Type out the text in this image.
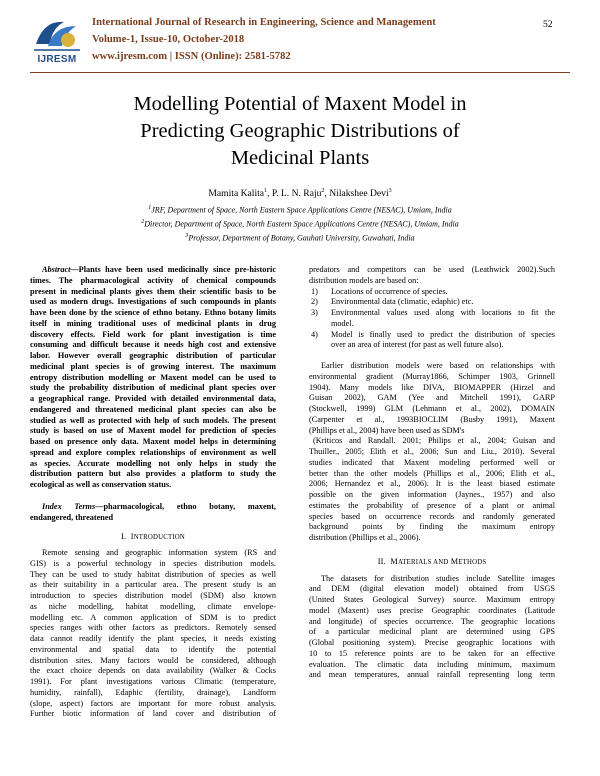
IJRESM
International Journal of Research in Engineering, Science and Management
Volume-1, Issue-10, October-2018
www.ijresm.com | ISSN (Online): 2581-5782
52
Modelling Potential of Maxent Model in
Predicting Geographic Distributions of
Medicinal Plants
Mamita Kalita$^1$, P. L. N. Raju$^2$, Nilakshee Devi$^3$
$^1$JRF, Department of Space, North Eastern Space Applications Centre (NESAC), Umiam, India
$^2$Director, Department of Space, North Eastern Space Applications Centre (NESAC), Umiam, India
$^3$Professor, Department of Botany, Gauhati University, Guwahati, India

Abstract—Plants have been used medicinally since pre-historic

times. The pharmacological activity of chemical compounds

present in medicinal plants gives them their scientific basis to be

used as modern drugs. Investigations of such compounds in plants

have been done by the science of ethno botany. Ethno botany limits

itself in mining traditional uses of medicinal plants in drug

discovery effects. Field work for plant investigation is time

consuming and difficult because it needs high cost and extensive

labor. However overall geographic distribution of particular

medicinal plant species is of growing interest. The maximum

entropy distribution modelling or Maxent model can be used to

study the probability distribution of medicinal plant species over

a geographical range. Provided with detailed environmental data,

endangered and threatened medicinal plant species can also be

studied as well as protected with help of such models. The present

study is based on use of Maxent model for prediction of species

based on presence only data. Maxent model helps in determining

spread and explore complex relationships of environment as well

as species. Accurate modelling not only helps in study the

distribution pattern but also provides a platform to study the

ecological as well as conservation status.

Index Terms—pharmacological, ethno botany, maxent,

endangered, threatened

I. INTRODUCTION

Remote sensing and geographic information system (RS and

GIS) is a powerful technology in species distribution models.

They can be used to study habitat distribution of species as well

as their suitability in a particular area. The present study is an

introduction to species distribution model (SDM) also known

as niche modelling, habitat modelling, climate envelope-

modelling etc. A common application of SDM is to predict

species ranges with other factors as predictors. Remotely sensed

data cannot readily identify the plant species, it needs existing

environmental and spatial data to identify the potential

distribution sites. Many factors would be considered, although

the exact choice depends on data availability (Walker & Cocks

1991). For plant investigations various Climatic (temperature,

humidity, rainfall), Edaphic (fertility, drainage), Landform

(slope, aspect) factors are important for more robust analysis.

Further biotic information of land cover and distribution of

predators and competitors can be used (Leathwick 2002).Such

distribution models are based on:

1)	Locations of occurrence of species.

2)	Environmental data (climatic, edaphic) etc.

3)	Environmental values used along with locations to fit the

model.

4)	Model is finally used to predict the distribution of species

over an area of interest (for past as well future also).

Earlier distribution models were based on relationships with

environmental gradient (Murray1866, Schimper 1903, Grinnell

1904). Many models like DIVA, BIOMAPPER (Hirzel and

Guisan 2002), GAM (Yee and Mitchell 1991), GARP

(Stockwell, 1999) GLM (Lehmann et al., 2002), DOMAIN

(Carpenter et al., 1993BIOCLIM (Busby 1991), Maxent

(Phillips et al., 2004) have been used as SDM's

(Kriticos and Randall. 2001; Philips et al., 2004; Guisan and

Thuiller., 2005; Elith et al., 2006; Sun and Liu., 2010). Several

studies indicated that Maxent modeling performed well or

better than the other models (Phillips et al., 2006; Elith et al.,

2006; Hernandez et al., 2006). It is the least biased estimate

possible on the given information (Jaynes., 1957) and also

estimates the probability of presence of a plant or animal

species based on occurrence records and randomly generated

background points by finding the maximum entropy

distribution (Phillips et al., 2006).

II. MATERIALS AND METHODS

The datasets for distribution studies include Satellite images

and DEM (digital elevation model) obtained from USGS

(United States Geological Survey) source. Maximum entropy

model (Maxent) uses precise Geographic coordinates (Latitude

and longitude) of species occurrence. The geographic locations

of a particular medicinal plant are determined using GPS

(Global positioning system). Precise geographic locations with

10 to 15 reference points are to be taken for an effective

evaluation. The climatic data including minimum, maximum

and mean temperatures, annual rainfall representing long term
